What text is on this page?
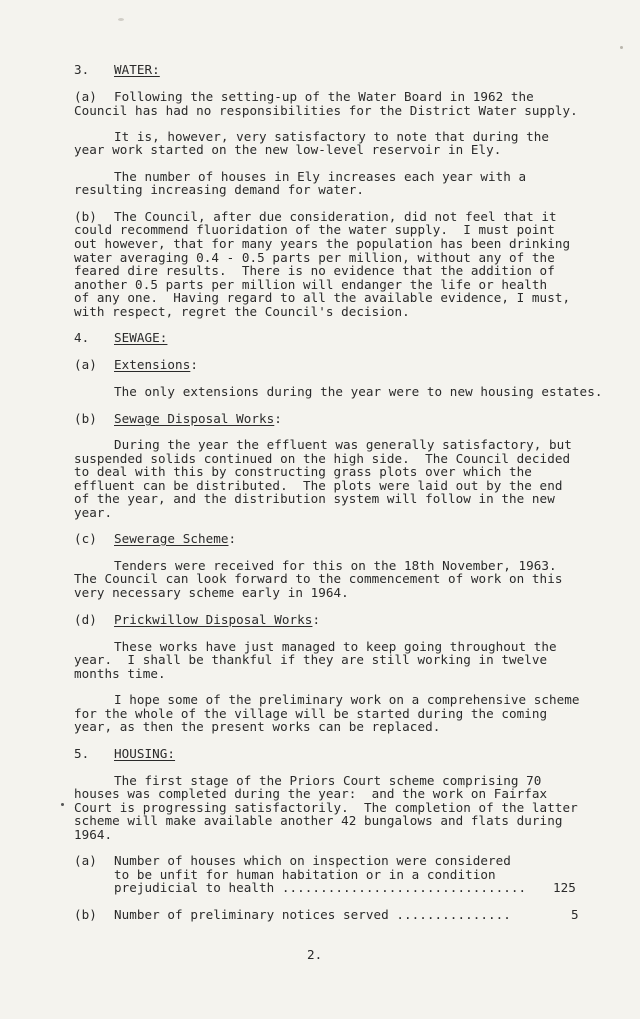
3. WATER:
(a) Following the setting-up of the Water Board in 1962 the
Council has had no responsibilities for the District Water supply.
It is, however, very satisfactory to note that during the
year work started on the new low-level reservoir in Ely.
The number of houses in Ely increases each year with a
resulting increasing demand for water.
(b) The Council, after due consideration, did not feel that it
could recommend fluoridation of the water supply.  I must point
out however, that for many years the population has been drinking
water averaging 0.4 - 0.5 parts per million, without any of the
feared dire results.  There is no evidence that the addition of
another 0.5 parts per million will endanger the life or health
of any one.  Having regard to all the available evidence, I must,
with respect, regret the Council's decision.
4. SEWAGE:
(a) Extensions:
The only extensions during the year were to new housing estates.
(b) Sewage Disposal Works:
During the year the effluent was generally satisfactory, but
suspended solids continued on the high side.  The Council decided
to deal with this by constructing grass plots over which the
effluent can be distributed.  The plots were laid out by the end
of the year, and the distribution system will follow in the new
year.
(c) Sewerage Scheme:
Tenders were received for this on the 18th November, 1963.
The Council can look forward to the commencement of work on this
very necessary scheme early in 1964.
(d) Prickwillow Disposal Works:
These works have just managed to keep going throughout the
year.  I shall be thankful if they are still working in twelve
months time.
I hope some of the preliminary work on a comprehensive scheme
for the whole of the village will be started during the coming
year, as then the present works can be replaced.
5. HOUSING:
The first stage of the Priors Court scheme comprising 70
houses was completed during the year:  and the work on Fairfax
Court is progressing satisfactorily.  The completion of the latter
scheme will make available another 42 bungalows and flats during
1964.
(a) Number of houses which on inspection were considered
to be unfit for human habitation or in a condition
prejudicial to health ................................ 125
(b) Number of preliminary notices served ...............	5
2.
